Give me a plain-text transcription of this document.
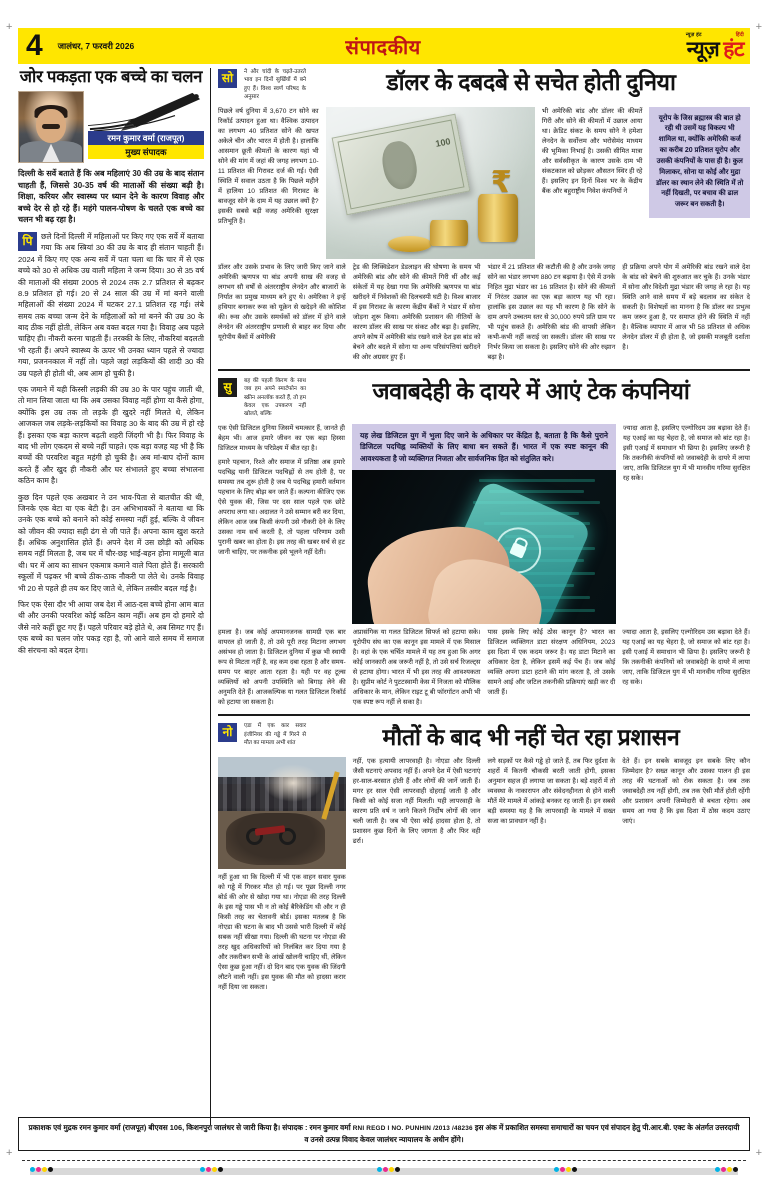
+	+
+	+
4	जालंधर, 7 फरवरी 2026	संपादकीय
न्यूज़ हंट	हिंदी
न्यूज़ हंट
जोर पकड़ता एक बच्चे का चलन
रमन कुमार वर्मा (राजपूत)
मुख्य संपादक
दिल्ली के सर्वे बताते हैं कि अब महिलाएं 30 की उम्र के बाद संतान चाहती हैं, जिससे 30-35 वर्ष की माताओं की संख्या बढ़ी है। शिक्षा, करियर और स्वास्थ्य पर ध्यान देने के कारण विवाह और बच्चे देर से हो रहे हैं। महंगे पालन-पोषण के चलते एक बच्चे का चलन भी बढ़ रहा है।
पि	छले दिनों दिल्ली में महिलाओं पर किए गए एक सर्वे में बताया गया कि अब स्त्रियां 30 की उम्र के बाद ही संतान चाहती हैं। 2024 में किए गए एक अन्य सर्वे में पता चला था कि चार में से एक बच्चे को 30 से अधिक उम्र वाली महिला ने जन्म दिया। 30 से 35 वर्ष की माताओं की संख्या 2005 से 2024 तक 2.7 प्रतिशत से बढ़कर 8.9 प्रतिशत हो गई। 20 से 24 साल की उम्र में मां बनने वाली महिलाओं की संख्या 2024 में घटकर 27.1 प्रतिशत रह गई। लंबे समय तक बच्चा जन्म देने के महिलाओं को मां बनने की उम्र 30 के बाद ठीक नहीं होती, लेकिन अब वक्त बदल गया है। विवाह अब पहले चाहिए ही। नौकरी करना चाहती हैं। तरक्की के लिए, नौकरियां बदलती भी रहती हैं। अपने स्वास्थ्य के ऊपर भी उनका ध्यान पहले से ज्यादा गया, प्रजननकाल में नहीं तो। पहले जहां लड़कियों की शादी 30 की उम्र पहले ही होती थी, अब आम हो चुकी है।
एक जमाने में यही किस्सी लड़की की उम्र 30 के पार पहुंच जाती थी, तो मान लिया जाता था कि अब उसका विवाह नहीं होगा या कैसे होगा, क्योंकि इस उम्र तक तो लड़के ही खुदरे नहीं मिलते थे, लेकिन आजकल जब लड़के-लड़कियों का विवाह 30 के बाद की उम्र में हो रहे हैं। इसका एक बड़ा कारण बढ़ती शहरी जिंदगी भी है। फिर विवाह के बाद भी लोग एकदम से बच्चे नहीं चाहते। एक बड़ा वजह यह भी है कि बच्चों की परवरिश बहुत महंगी हो चुकी है। अब मां-बाप दोनों काम करते हैं और खुद ही नौकरी और घर संभालते हुए बच्चा संभालना कठिन काम है।
कुछ दिन पहले एक अखबार ने उन भाव-पिता से बातचीत की थी, जिनके एक बेटा या एक बेटी है। उन अभिभावकों ने बताया था कि उनके एक बच्चे को बनाने को कोई समस्या नहीं हुई, बल्कि वे जीवन को जीवन की ज्यादा सही ढंग से जी पाते हैं। अपना काम खुश करते हैं। अधिक अनुशासित होते हैं। अपने देश में उस छोड़ी को अधिक समय नहीं मिलता है, जब घर में चौर-छह भाई-बहन होना मामूली बात थी। घर में आय का साधन एकमात्र कमाने वाले पिता होते हैं। सरकारी स्कूलों में पढ़कर भी बच्चे ठीक-ठाक नौकरी पा लेते थे। उनके विवाह भी 20 से पहले ही तय कर दिए जाते थे, लेकिन तस्वीर बदल गई है।
फिर एक ऐसा दौर भी आया जब देश में आठ-दस बच्चे होना आम बात थी और उनकी परवरिश कोई कठिन काम नहीं। अब हम दो हमारे दो जैसे नारे कहीं छूट गए हैं। पहले परिवार बड़े होते थे, अब सिमट गए हैं। एक बच्चे का चलन जोर पकड़ रहा है, जो आने वाले समय में समाज की संरचना को बदल देगा।
सो	ने और चांदी के चढ़ते-उतरते भाव इन दिनों सुर्खियों में बने हुए हैं। विश्व स्वर्ण परिषद के अनुसार
डॉलर के दबदबे से सचेत होती दुनिया
पिछले वर्ष दुनिया में 3,670 टन सोने का रिकॉर्ड उत्पादन हुआ था। वैश्विक उत्पादन का लगभग 40 प्रतिशत सोने की खपत अकेले चीन और भारत में होती है। हालांकि आसमान छूती कीमतों के कारण यहां भी सोने की मांग में जहां की जगह लगभग 10-11 प्रतिशत की गिरावट दर्ज की गई। ऐसी स्थिति में सवाल उठता है कि पिछले महीने में हालिया 10 प्रतिशत की गिरावट के बावजूद सोने के दाम में यह उछाल क्यों है? इसकी सबसे बड़ी वजह अमेरिकी सुरक्षा प्रतिभूति है।
100
₹
भी अमेरिकी बांड और डॉलर की कीमतें गिरी और सोने की कीमतों में उछाल आया था। क्रेडिट संकट के समय सोने ने हमेशा लेनदेन के सर्वोत्तम और भरोसेमंद माध्यम की भूमिका निभाई है। उसकी सीमित मात्रा और सर्वस्वीकृत के कारण उसके दाम भी संकटकाल को छोड़कर औसतन स्थिर ही रहे हैं। इसलिए इन दिनों विश्व भर के केंद्रीय बैंक और बहुराष्ट्रीय निवेश कंपनियों ने
यूरोप के जिस ब्रह्मास्त्र की बात हो रही थी उसमें यह विकल्प भी शामिल था, क्योंकि अमेरिकी कर्ज का करीब 20 प्रतिशत यूरोप और उसकी कंपनियों के पास ही है। कुल मिलाकर, सोना या कोई और मुद्रा डॉलर का स्थान लेने की स्थिति में तो नहीं दिखती, पर बचाव की ढाल जरूर बन सकती है।
डॉलर और उसके प्रभाव के लिए जारी किए जाने वाले अमेरिकी ऋणपत्र या बांड अपनी साख की वजह से लगभग सौ वर्षों से अंतरराष्ट्रीय लेनदेन और बाजारों के निर्यात का प्रमुख माध्यम बने हुए थे। अमेरिका ने इन्हें हथियार बनाकर रूस को यूक्रेन से खदेड़ने की कोशिश की। रूस और उसके समर्थकों को डॉलर में होने वाले लेनदेन की अंतरराष्ट्रीय प्रणाली से बाहर कर दिया और यूरोपीय बैंकों में अमेरिकी
ट्रेड की लिक्विडेशन डेडलाइन की घोषणा के समय भी अमेरिकी बांड और सोने की कीमतें गिरी थीं और कई संकेतों में यह देखा गया कि अमेरिकी ऋणपत्र या बांड खरीदने में निवेशकों की दिलचस्पी घटी है। विश्व बाजार में इस गिरावट के कारण केंद्रीय बैंकों ने भंडार में सोना जोड़ना शुरू किया। अमेरिकी प्रशासन की नीतियों के कारण डॉलर की साख पर संकट और बढ़ा है। इसलिए, अपने कोष में अमेरिकी बांड रखने वाले देश इस बांड को बेचने और बदले में सोना या अन्य परिसंपत्तियां खरीदने की ओर अग्रसर हुए हैं।
भंडार में 21 प्रतिशत की कटौती की है और उनके जगह सोने का भंडार लगभग 880 टन बढ़ाया है। ऐसे में उनके निहित मुद्रा भंडार का 16 प्रतिशत है। सोने की कीमतों में निरंतर उछाल का एक बड़ा कारण यह भी रहा। हालांकि इस उछाल का यह भी कारण है कि सोने के दाम अपने उच्चतम स्तर से 30,000 रुपये प्रति ग्राम पर भी पहुंच सकते हैं। अमेरिकी बांड की वापसी लेकिन कभी-कभी नहीं कराई जा सकती। डॉलर की साख पर निर्भर किया जा सकता है। इसलिए सोने की ओर रुझान बढ़ा है।
ही प्रक्रिया अपने योग में अमेरिकी बांड रखने वाले देश के बांड को बेचने की शुरुआत कर चुके हैं। उनके भंडार में सोना और विदेशी मुद्रा भंडार की जगह ले रहा है। यह स्थिति आने वाले समय में बड़े बदलाव का संकेत दे सकती है। विशेषज्ञों का मानना है कि डॉलर का प्रभुत्व कम जरूर हुआ है, पर समाप्त होने की स्थिति में नहीं है। वैश्विक व्यापार में आज भी 58 प्रतिशत से अधिक लेनदेन डॉलर में ही होता है, जो इसकी मजबूती दर्शाता है।
सु	बह की पहली किरण के साथ जब हम अपने स्मार्टफोन का स्क्रीन अनलॉक करते हैं, तो हम केवल एक उपकरण नहीं खोलते, बल्कि
जवाबदेही के दायरे में आएं टेक कंपनियां
एक ऐसी डिजिटल दुनिया जिसमें चमत्कार हैं, जानते ही बेहम भी। आज हमारे जीवन का एक बड़ा हिस्सा डिजिटल माध्यम के परिप्रेक्ष्य में बीत रहा है।
हमारे पहचान, रिश्ते और समाज में प्रतिष्ठा अब हमारे पदचिह्न यानी डिजिटल पदचिह्नों से तय होती है, पर समस्या तब शुरू होती है जब ये पदचिह्न हमारी वर्तमान पहचान के लिए बोझ बन जाते हैं। कल्पना कीजिए एक ऐसे युवक की, जिस पर दस साल पहले एक छोटे अपराध लगा था। अदालत ने उसे सम्मान बरी कर दिया, लेकिन आज जब किसी कंपनी उसे नौकरी देने के लिए उसका नाम सर्च करती है, तो पहला परिणाम उसी पुरानी खबर का होता है। इस तरह की खबर सर्च से हट जानी चाहिए, पर तकनीक इसे भूलने नहीं देती।
यह लेख डिजिटल युग में भुला दिए जाने के अधिकार पर केंद्रित है, बताता है कि कैसे पुराने डिजिटल पदचिह्न व्यक्तियों के लिए बाधा बन सकते हैं। भारत में एक स्पष्ट कानून की आवश्यकता है जो व्यक्तिगत निजता और सार्वजनिक हित को संतुलित करे।
ज्यादा आता है, इसलिए एल्गोरिदम उस बढ़ावा देते हैं। यह एआई का यह चेहरा है, जो समाज को बांट रहा है। इसी एआई में समाधान भी छिपा है। इसलिए जरूरी है कि तकनीकी कंपनियों को जवाबदेही के दायरे में लाया जाए, ताकि डिजिटल युग में भी मानवीय गरिमा सुरक्षित रह सके।
हमला है। जब कोई अपमानजनक सामग्री एक बार वायरल हो जाती है, तो उसे पूरी तरह मिटाना लगभग असंभव हो जाता है। डिजिटल दुनिया में कुछ भी स्थायी रूप से मिटता नहीं है, वह कम दबा रहता है और समय-समय पर बाहर आता रहता है। यही पर वह टूल्स व्यक्तियों को अपनी उपस्थिति को बिगाड़ लेने की अनुमति देते हैं। आजकल्पिक या गलत डिजिटल रिकॉर्ड को हटाया जा सकता है।
अप्रासंगिक या गलत डिजिटल सिर्फ्ज को हटाया सके। यूरोपीय संघ का एक कानून इस मामले में एक मिसाल है। वहां के एक चर्चित मामले में यह तय हुआ कि अगर कोई जानकारी अब जरूरी नहीं है, तो उसे सर्च रिजल्ट्स से हटाया होगा। भारत में भी इस तरह की आवश्यकता है। सुप्रीम कोर्ट ने पुटटस्वामी केस में निजता को मौलिक अधिकार के मान, लेकिन राइट टू बी फॉरगॉटन अभी भी एक स्पष्ट रूप नहीं ले सका है।
पास इसके लिए कोई ठोस कानून है? भारत का डिजिटल व्यक्तिगत डाटा संरक्षण अधिनियम, 2023 इस दिशा में एक कदम जरूर है। यह डाटा मिटाने का अधिकार देता है, लेकिन इसमें कई पेंच हैं। जब कोई व्यक्ति अपना डाटा हटाने की मांग करता है, तो उसके सामने आई और जटिल तकनीकी प्रक्रियाएं खड़ी कर दी जाती हैं।
ज्यादा आता है, इसलिए एल्गोरिदम उस बढ़ावा देते हैं। यह एआई का यह चेहरा है, जो समाज को बांट रहा है। इसी एआई में समाधान भी छिपा है। इसलिए जरूरी है कि तकनीकी कंपनियों को जवाबदेही के दायरे में लाया जाए, ताकि डिजिटल युग में भी मानवीय गरिमा सुरक्षित रह सके।
नो	एडा में एक कार सवार इंजीनियर की गड्ढे में गिरने से मौत का मामला अभी शांत	मौतों के बाद भी नहीं चेत रहा प्रशासन
नहीं हुआ था कि दिल्ली में भी एक वाहन सवार युवक को गड्ढे में गिरकर मौत हो गई। पर पूछा दिल्ली नगर बोर्ड की ओर से खोदा गया था। नोएडा की तरह दिल्ली के इस गड्ढे पास भी न तो कोई बैरिकेडिंग थी और न ही किसी तरह का चेतावनी बोर्ड। इसका मतलब है कि नोएडा की घटना के बाद भी उससे भारी दिल्ली में कोई सबक नहीं सीखा गया। दिल्ली की घटना पर नोएडा की तरह खुद अधिकारियों को निलंबित कर दिया गया है और तकरीबन सभी के आंखें खोलनी चाहिए थीं, लेकिन ऐसा कुछ हुआ नहीं। दो दिन बाद एक युवक की जिंदगी लौटने वाली नहीं। इस युवक की मौत को हादसा करार नहीं दिया जा सकता।
नहीं, एक हत्यायी लापरवाही है। नोएडा और दिल्ली जैसी घटनाएं अपवाद नहीं हैं। अपने देश में ऐसी घटनाएं हर-साल-बरसात होती हैं और लोगों की जानें जाती हैं। मगर हर साल ऐसी लापरवाही दोहराई जाती है और किसी को कोई सजा नहीं मिलती। यही लापरवाही के कारण प्रति वर्ष न जाने कितने निर्दोष लोगों की जान चली जाती है। जब भी ऐसा कोई हादसा होता है, तो प्रशासन कुछ दिनों के लिए जागता है और फिर वही ढर्रा।
लगे सड़कों पर कैसे गड्ढे हो जाते हैं, तब फिर दुर्दशा के शहरों में कितनी चौकसी बरती जाती होगी, इसका अनुमान सहज ही लगाया जा सकता है। बड़े शहरों में तो व्यवस्था के नाकारापन और संवेदनहीनता से होने वाली मौतें मेरे मामले में आंकड़े बनकर रह जाती हैं। इन सबसे बड़ी समस्या यह है कि लापरवाही के मामले में सख्त सजा का प्रावधान नहीं है।
देते हैं। इन सबके बावजूद इन सबके लिए कौन जिम्मेदार है? सख्त कानून और उसका पालन ही इस तरह की घटनाओं को रोक सकता है। जब तक जवाबदेही तय नहीं होगी, तब तक ऐसी मौतें होती रहेंगी और प्रशासन अपनी जिम्मेदारी से बचता रहेगा। अब समय आ गया है कि इस दिशा में ठोस कदम उठाए जाएं।
प्रकाशक एवं मुद्रक रमन कुमार वर्मा (राजपूत) बीएवस 106, किशनपुरा जालंधर से जारी किया है। संपादक : रमन कुमार वर्मा RNI REGD I NO. PUNHIN /2013 /48236 इस अंक में प्रकाशित समस्या समाचारों का चयन एवं संपादन हेतु पी.आर.बी. एक्ट के अंतर्गत उत्तरदायी व उनसे उत्पन्न विवाद केवल जालंधर न्यायालय के अधीन होंगे।
